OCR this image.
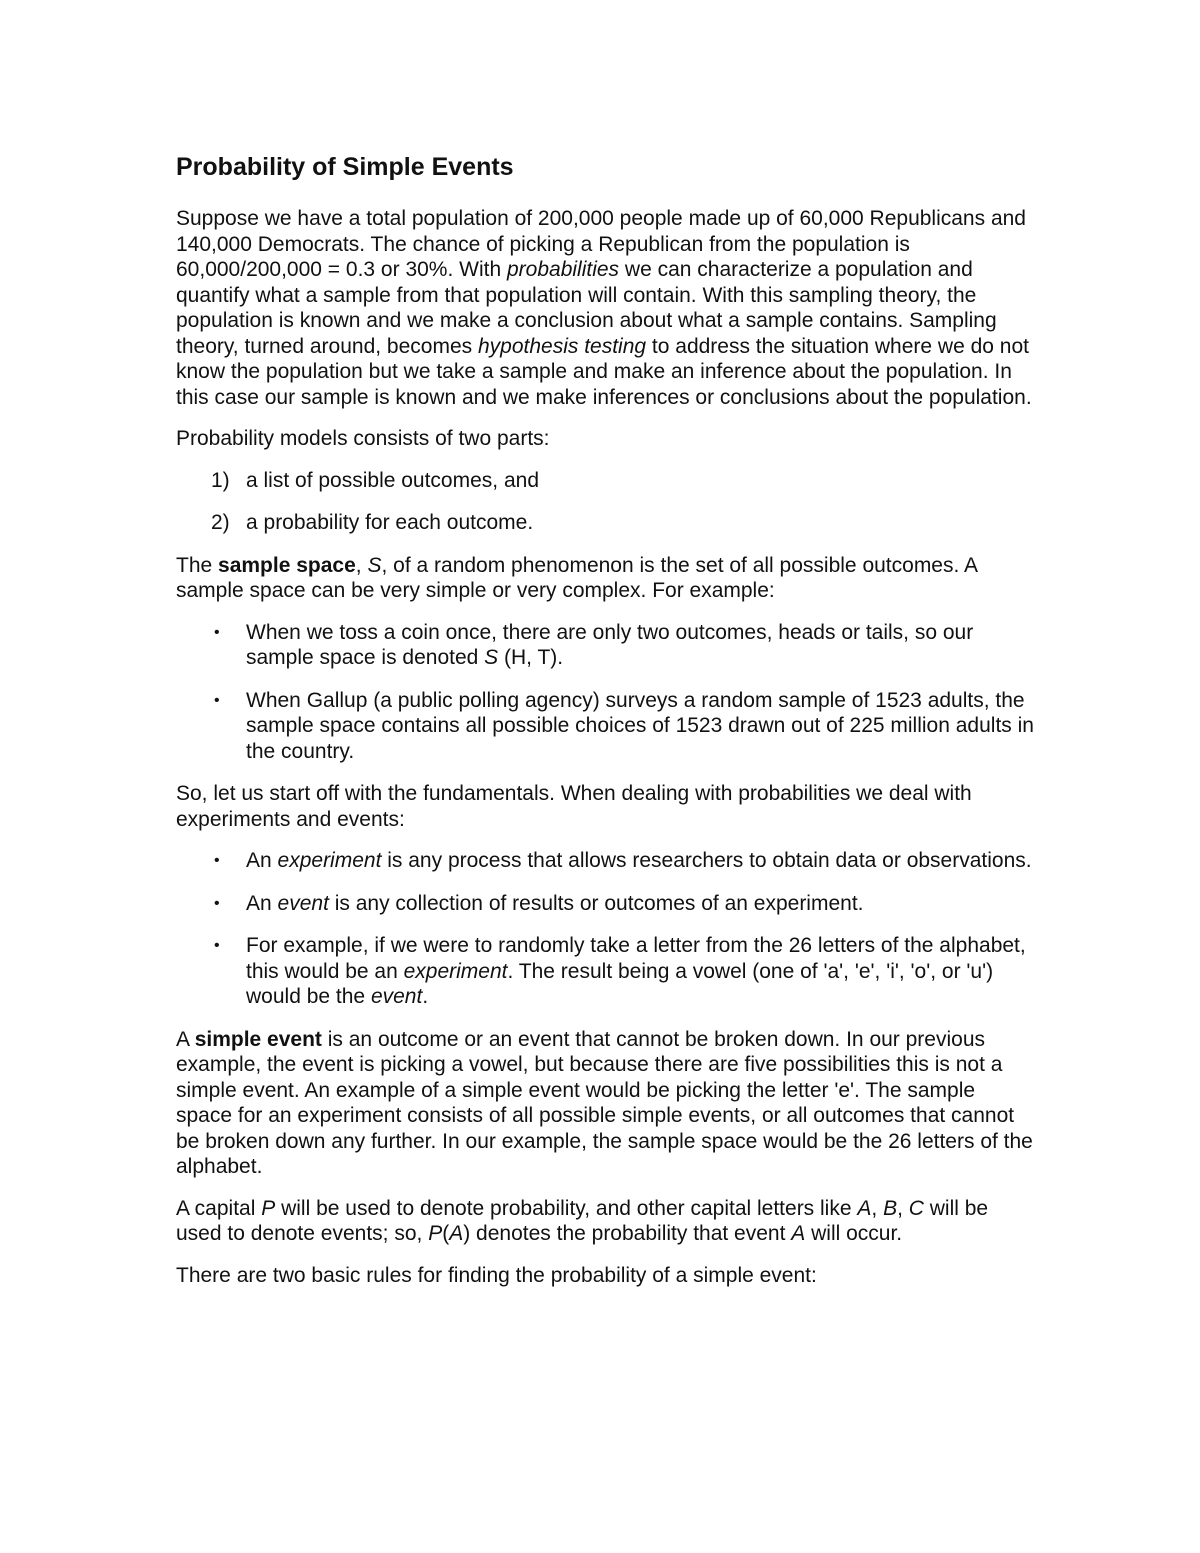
Probability of Simple Events

Suppose we have a total population of 200,000 people made up of 60,000 Republicans and 140,000 Democrats. The chance of picking a Republican from the population is 60,000/200,000 = 0.3 or 30%. With probabilities we can characterize a population and quantify what a sample from that population will contain. With this sampling theory, the population is known and we make a conclusion about what a sample contains. Sampling theory, turned around, becomes hypothesis testing to address the situation where we do not know the population but we take a sample and make an inference about the population. In this case our sample is known and we make inferences or conclusions about the population.

Probability models consists of two parts:

1) a list of possible outcomes, and
2) a probability for each outcome.

The sample space, S, of a random phenomenon is the set of all possible outcomes. A sample space can be very simple or very complex. For example:

• When we toss a coin once, there are only two outcomes, heads or tails, so our sample space is denoted S (H, T).
• When Gallup (a public polling agency) surveys a random sample of 1523 adults, the sample space contains all possible choices of 1523 drawn out of 225 million adults in the country.

So, let us start off with the fundamentals. When dealing with probabilities we deal with experiments and events:

• An experiment is any process that allows researchers to obtain data or observations.
• An event is any collection of results or outcomes of an experiment.
• For example, if we were to randomly take a letter from the 26 letters of the alphabet, this would be an experiment. The result being a vowel (one of 'a', 'e', 'i', 'o', or 'u') would be the event.

A simple event is an outcome or an event that cannot be broken down. In our previous example, the event is picking a vowel, but because there are five possibilities this is not a simple event. An example of a simple event would be picking the letter 'e'. The sample space for an experiment consists of all possible simple events, or all outcomes that cannot be broken down any further. In our example, the sample space would be the 26 letters of the alphabet.

A capital P will be used to denote probability, and other capital letters like A, B, C will be used to denote events; so, P(A) denotes the probability that event A will occur.

There are two basic rules for finding the probability of a simple event:
